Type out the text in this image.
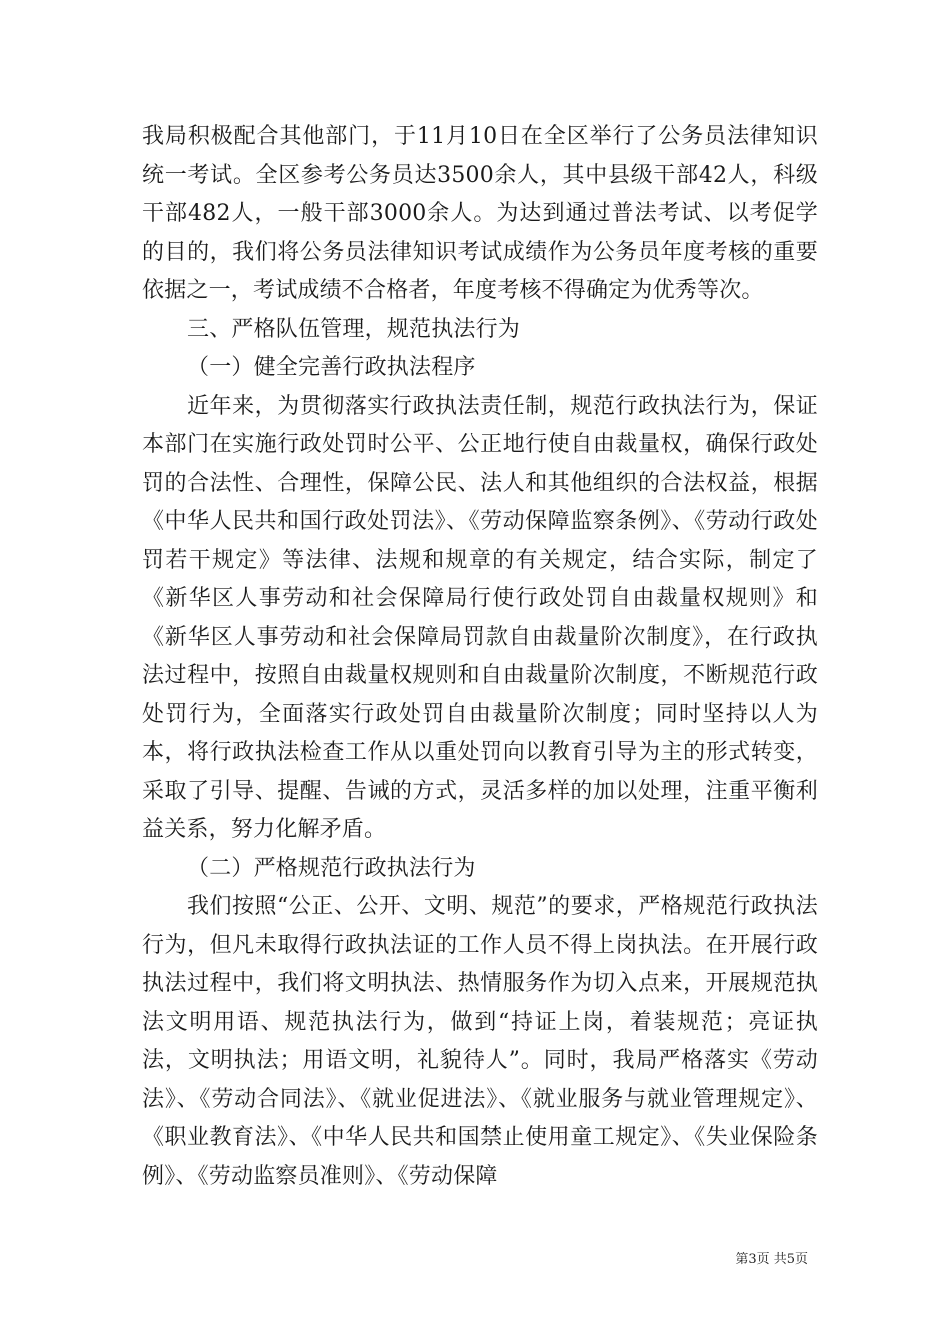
我局积极配合其他部门，于11月10日在全区举行了公务员法律知识统一考试。全区参考公务员达3500余人，其中县级干部42人，科级干部482人，一般干部3000余人。为达到通过普法考试、以考促学的目的，我们将公务员法律知识考试成绩作为公务员年度考核的重要依据之一，考试成绩不合格者，年度考核不得确定为优秀等次。

三、严格队伍管理，规范执法行为

（一）健全完善行政执法程序

近年来，为贯彻落实行政执法责任制，规范行政执法行为，保证本部门在实施行政处罚时公平、公正地行使自由裁量权，确保行政处罚的合法性、合理性，保障公民、法人和其他组织的合法权益，根据《中华人民共和国行政处罚法》、《劳动保障监察条例》、《劳动行政处罚若干规定》等法律、法规和规章的有关规定，结合实际，制定了《新华区人事劳动和社会保障局行使行政处罚自由裁量权规则》和《新华区人事劳动和社会保障局罚款自由裁量阶次制度》，在行政执法过程中，按照自由裁量权规则和自由裁量阶次制度，不断规范行政处罚行为，全面落实行政处罚自由裁量阶次制度；同时坚持以人为本，将行政执法检查工作从以重处罚向以教育引导为主的形式转变，采取了引导、提醒、告诫的方式，灵活多样的加以处理，注重平衡利益关系，努力化解矛盾。

（二）严格规范行政执法行为

我们按照“公正、公开、文明、规范”的要求，严格规范行政执法行为，但凡未取得行政执法证的工作人员不得上岗执法。在开展行政执法过程中，我们将文明执法、热情服务作为切入点来，开展规范执法文明用语、规范执法行为，做到“持证上岗，着装规范；亮证执法，文明执法；用语文明，礼貌待人”。同时，我局严格落实《劳动法》、《劳动合同法》、《就业促进法》、《就业服务与就业管理规定》、《职业教育法》、《中华人民共和国禁止使用童工规定》、《失业保险条例》、《劳动监察员准则》、《劳动保障

第3页 共5页
